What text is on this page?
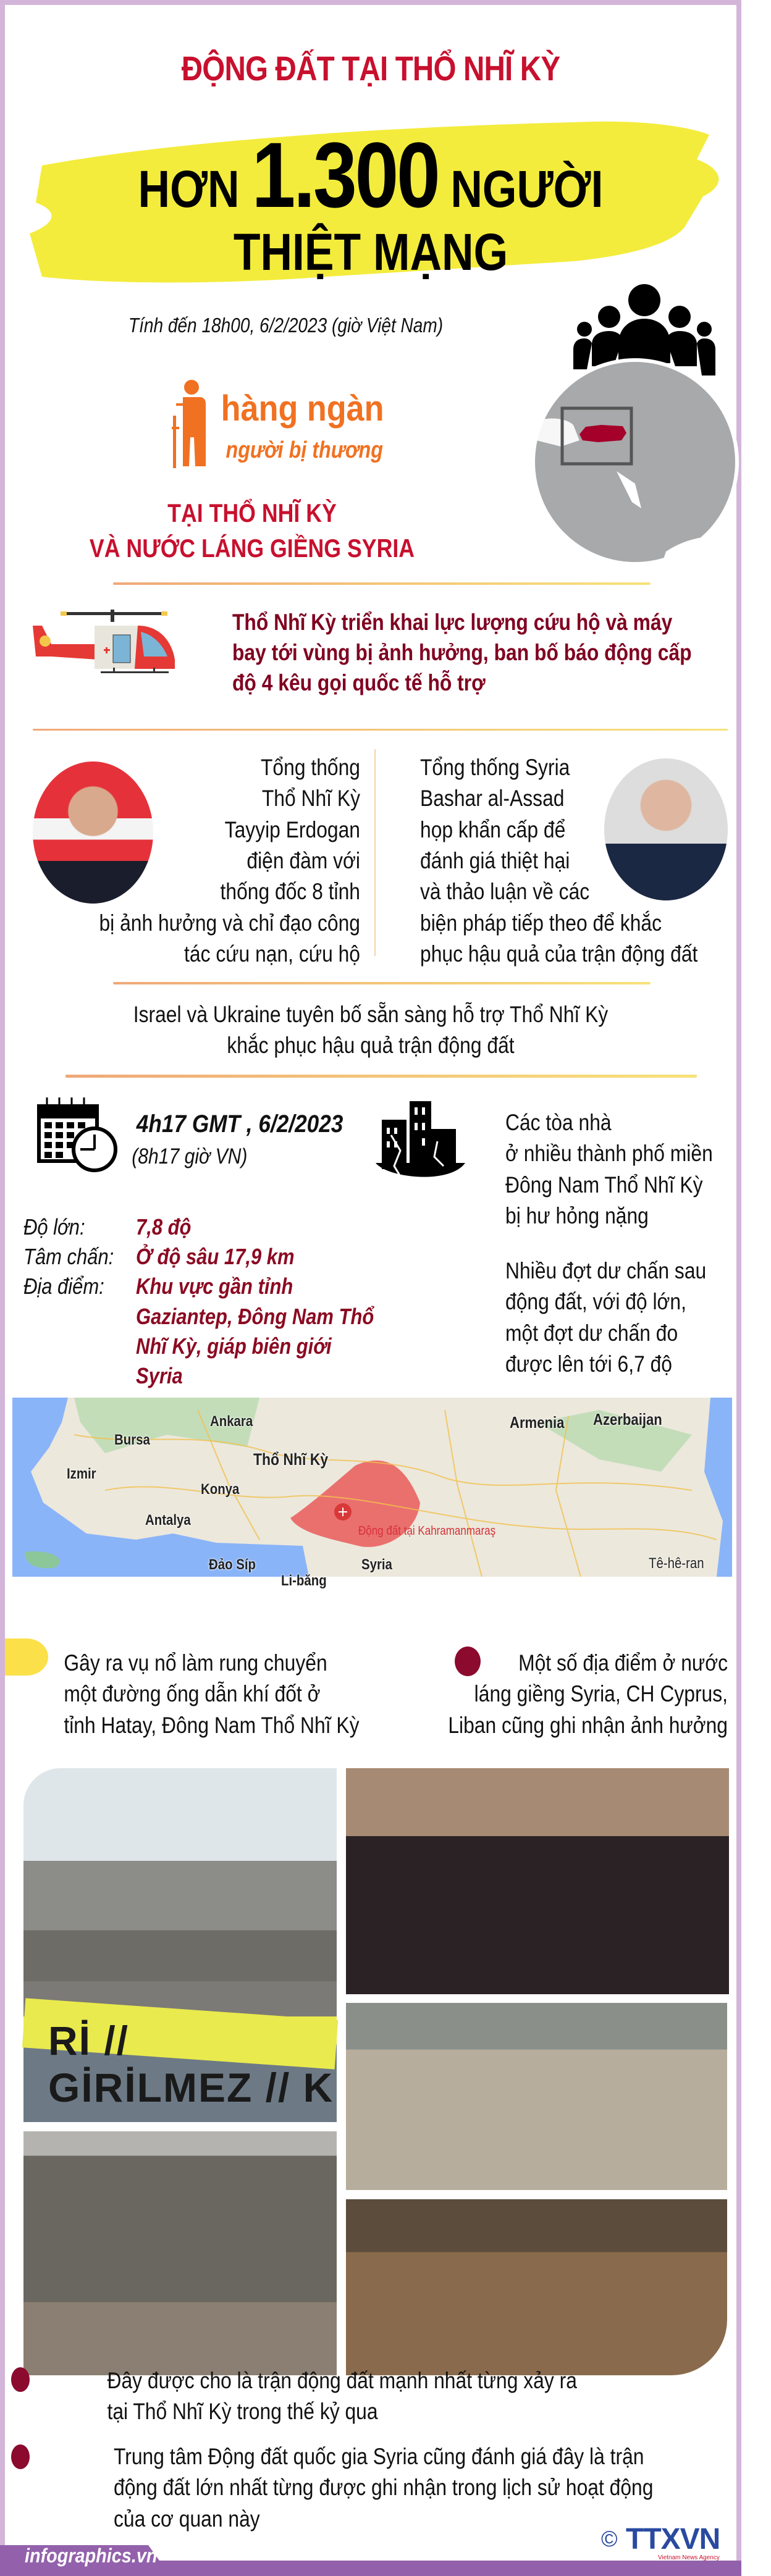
ĐỘNG ĐẤT TẠI THỔ NHĨ KỲ
HƠN 1.300 NGƯỜI
THIỆT MẠNG
Tính đến 18h00, 6/2/2023 (giờ Việt Nam)
hàng ngàn
người bị thương
TẠI THỔ NHĨ KỲ
VÀ NƯỚC LÁNG GIỀNG SYRIA
Thổ Nhĩ Kỳ triển khai lực lượng cứu hộ và máy bay tới vùng bị ảnh hưởng, ban bố báo động cấp độ 4 kêu gọi quốc tế hỗ trợ
Tổng thống
Thổ Nhĩ Kỳ
Tayyip Erdogan
điện đàm với
thống đốc 8 tỉnh
bị ảnh hưởng và chỉ đạo công
tác cứu nạn, cứu hộ
Tổng thống Syria
Bashar al-Assad
họp khẩn cấp để
đánh giá thiệt hại
và thảo luận về các
biện pháp tiếp theo để khắc
phục hậu quả của trận động đất
Israel và Ukraine tuyên bố sẵn sàng hỗ trợ Thổ Nhĩ Kỳ
khắc phục hậu quả trận động đất
4h17 GMT , 6/2/2023
(8h17 giờ VN)
Các tòa nhà
ở nhiều thành phố miền
Đông Nam Thổ Nhĩ Kỳ
bị hư hỏng nặng
Độ lớn:	7,8 độ
Tâm chấn: Ở độ sâu 17,9 km
Địa điểm:	Khu vực gần tỉnh Gaziantep, Đông Nam Thổ Nhĩ Kỳ, giáp biên giới Syria
Nhiều đợt dư chấn sau
động đất, với độ lớn,
một đợt dư chấn đo
được lên tới 6,7 độ
Ankara
Bursa
Izmir
Thổ Nhĩ Kỳ
Konya
Antalya
Armenia Azerbaijan
Đảo Síp	Syria
Li-băng
Tê-hê-ran
Động đất tại Kahramanmaraş
Gây ra vụ nổ làm rung chuyển
một đường ống dẫn khí đốt ở
tỉnh Hatay, Đông Nam Thổ Nhĩ Kỳ
Một số địa điểm ở nước
láng giềng Syria, CH Cyprus,
Liban cũng ghi nhận ảnh hưởng
Rİ // GİRİLMEZ // K
Đây được cho là trận động đất mạnh nhất từng xảy ra
tại Thổ Nhĩ Kỳ trong thế kỷ qua
Trung tâm Động đất quốc gia Syria cũng đánh giá đây là trận
động đất lớn nhất từng được ghi nhận trong lịch sử hoạt động
của cơ quan này
© TTXVN
Vietnam News Agency
infographics.vn
